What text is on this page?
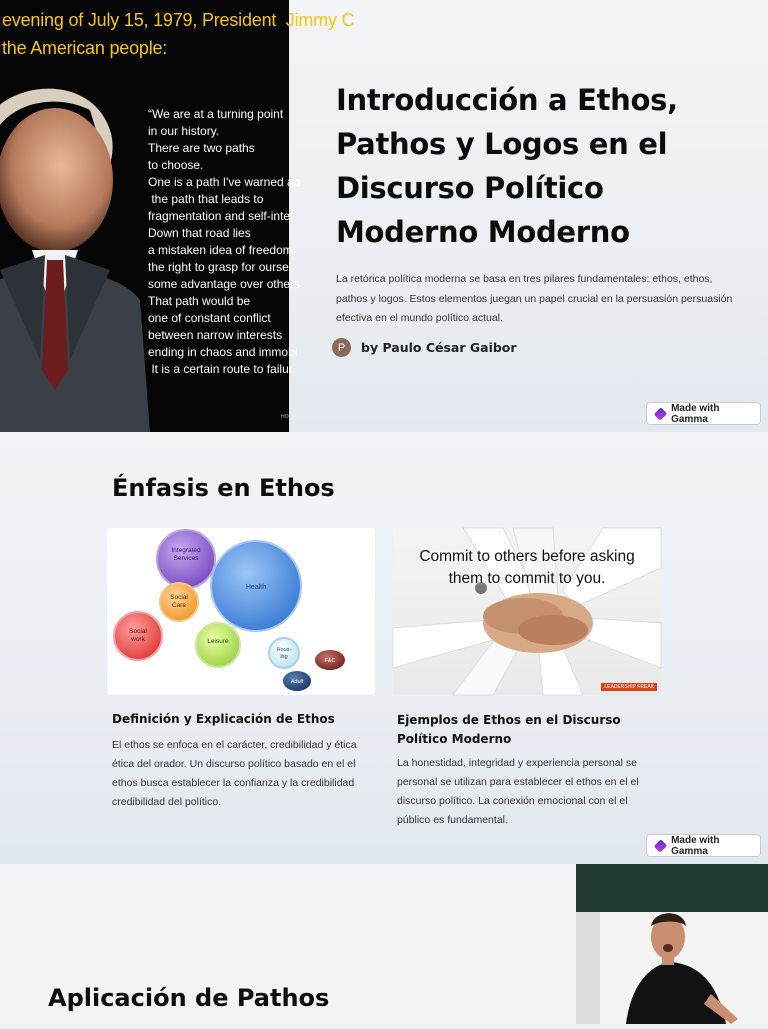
evening of July 15, 1979, President  Jimmy C
the American people:
“We are at a turning point
in our history.
There are two paths
to choose.
One is a path I've warned ab
the path that leads to
fragmentation and self-inter
Down that road lies
a mistaken idea of freedom,
the right to grasp for oursel
some advantage over others
That path would be
one of constant conflict
between narrow interests
ending in chaos and immobi
It is a certain route to failur
HO
Introducción a Ethos, Pathos y Logos en el Discurso Político Moderno Moderno

La retórica política moderna se basa en tres pilares fundamentales: ethos, ethos, pathos y logos. Estos elementos juegan un papel crucial en la persuasión persuasión efectiva en el mundo político actual.

P	by Paulo César Gaibor
Made with Gamma
Énfasis en Ethos
Integrated
Services
Health
Social
Care
Social
work	Leisure
Hous-
ing
F&C
Adult
Commit to others before asking
them to commit to you.
LEADERSHIP FREAK
Definición y Explicación de Ethos

El ethos se enfoca en el carácter, credibilidad y ética ética del orador. Un discurso político basado en el el ethos busca establecer la confianza y la credibilidad credibilidad del político.

Ejemplos de Ethos en el Discurso Político Moderno

La honestidad, integridad y experiencia personal se personal se utilizan para establecer el ethos en el el discurso político. La conexión emocional con el el público es fundamental.

Made with Gamma
Aplicación de Pathos
